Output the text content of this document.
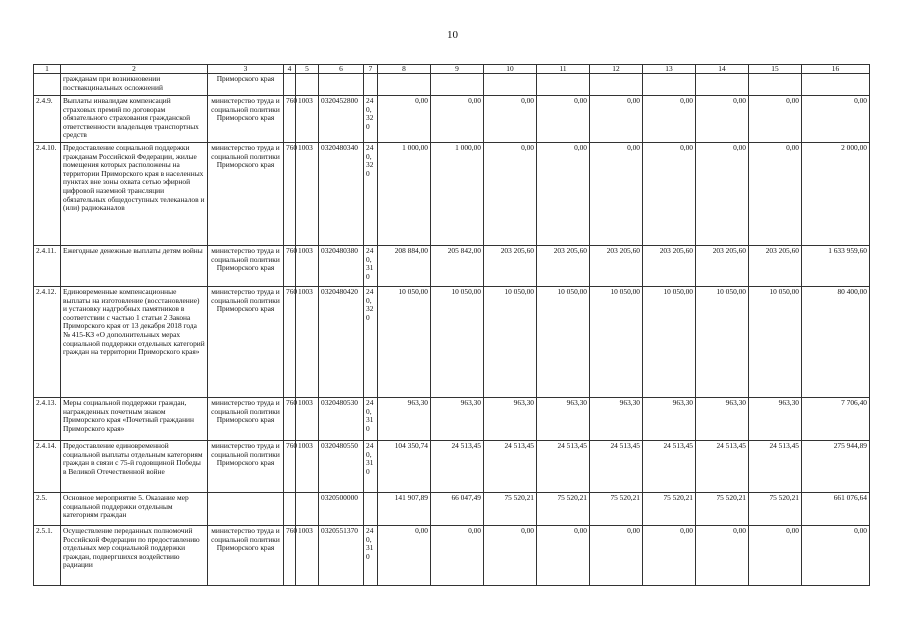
10
1	2	3	4	5	6	7	8	9	10	11	12	13	14	15	16
	гражданам при возникновении поствакцинальных осложнений	Приморского края													
2.4.9.	Выплаты инвалидам компенсаций страховых премий по договорам обязательного страхования гражданской ответственности владельцев транспортных средств	министерство труда и социальной политики Приморского края	760	1003	0320452800	240, 320	0,00	0,00	0,00	0,00	0,00	0,00	0,00	0,00	0,00
2.4.10.	Предоставление социальной поддержки гражданам Российской Федерации, жилые помещения которых расположены на территории Приморского края в населенных пунктах вне зоны охвата сетью эфирной цифровой наземной трансляции обязательных общедоступных телеканалов и (или) радиоканалов	министерство труда и социальной политики Приморского края	760	1003	0320480340	240, 320	1 000,00	1 000,00	0,00	0,00	0,00	0,00	0,00	0,00	2 000,00
2.4.11.	Ежегодные денежные выплаты детям войны	министерство труда и социальной политики Приморского края	760	1003	0320480380	240, 310	208 884,00	205 842,00	203 205,60	203 205,60	203 205,60	203 205,60	203 205,60	203 205,60	1 633 959,60
2.4.12.	Единовременные компенсационные выплаты на изготовление (восстановление) и установку надгробных памятников в соответствии с частью 1 статьи 2 Закона Приморского края от 13 декабря 2018 года № 415-КЗ «О дополнительных мерах социальной поддержки отдельных категорий граждан на территории Приморского края»	министерство труда и социальной политики Приморского края	760	1003	0320480420	240, 320	10 050,00	10 050,00	10 050,00	10 050,00	10 050,00	10 050,00	10 050,00	10 050,00	80 400,00
2.4.13.	Меры социальной поддержки граждан, награжденных почетным знаком Приморского края «Почетный гражданин Приморского края»	министерство труда и социальной политики Приморского края	760	1003	0320480530	240, 310	963,30	963,30	963,30	963,30	963,30	963,30	963,30	963,30	7 706,40
2.4.14.	Предоставление единовременной социальной выплаты отдельным категориям граждан в связи с 75-й годовщиной Победы в Великой Отечественной войне	министерство труда и социальной политики Приморского края	760	1003	0320480550	240, 310	104 350,74	24 513,45	24 513,45	24 513,45	24 513,45	24 513,45	24 513,45	24 513,45	275 944,89
2.5.	Основное мероприятие 5. Оказание мер социальной поддержки отдельным категориям граждан				0320500000		141 907,89	66 047,49	75 520,21	75 520,21	75 520,21	75 520,21	75 520,21	75 520,21	661 076,64
2.5.1.	Осуществление переданных полномочий Российской Федерации по предоставлению отдельных мер социальной поддержки граждан, подвергшихся воздействию радиации	министерство труда и социальной политики Приморского края	760	1003	0320551370	240, 310	0,00	0,00	0,00	0,00	0,00	0,00	0,00	0,00	0,00
